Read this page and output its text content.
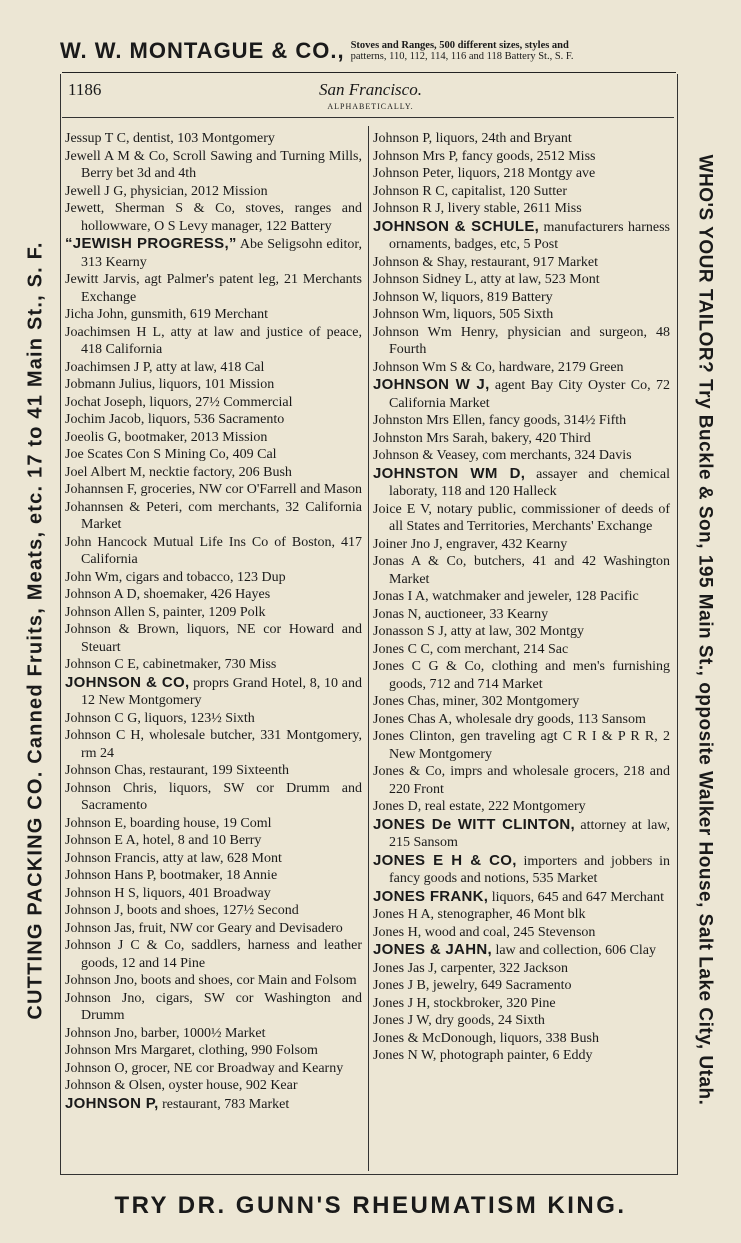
W. W. MONTAGUE & CO., Stoves and Ranges, 500 different sizes, styles and
patterns, 110, 112, 114, 116 and 118 Battery St., S. F.
1186	San Francisco.
ALPHABETICALLY.
CUTTING PACKING CO. Canned Fruits, Meats, etc. 17 to 41 Main St., S. F.	WHO'S YOUR TAILOR? Try Buckle & Son, 195 Main St., opposite Walker House, Salt Lake City, Utah.
Jessup T C, dentist, 103 Montgomery
Jewell A M & Co, Scroll Sawing and Turning Mills, Berry bet 3d and 4th
Jewell J G, physician, 2012 Mission
Jewett, Sherman S & Co, stoves, ranges and hollowware, O S Levy manager, 122 Battery
“JEWISH PROGRESS,” Abe Seligsohn editor, 313 Kearny
Jewitt Jarvis, agt Palmer's patent leg, 21 Merchants Exchange
Jicha John, gunsmith, 619 Merchant
Joachimsen H L, atty at law and justice of peace, 418 California
Joachimsen J P, atty at law, 418 Cal
Jobmann Julius, liquors, 101 Mission
Jochat Joseph, liquors, 27½ Commercial
Jochim Jacob, liquors, 536 Sacramento
Joeolis G, bootmaker, 2013 Mission
Joe Scates Con S Mining Co, 409 Cal
Joel Albert M, necktie factory, 206 Bush
Johannsen F, groceries, NW cor O'Farrell and Mason
Johannsen & Peteri, com merchants, 32 California Market
John Hancock Mutual Life Ins Co of Boston, 417 California
John Wm, cigars and tobacco, 123 Dup
Johnson A D, shoemaker, 426 Hayes
Johnson Allen S, painter, 1209 Polk
Johnson & Brown, liquors, NE cor Howard and Steuart
Johnson C E, cabinetmaker, 730 Miss
JOHNSON & CO, proprs Grand Hotel, 8, 10 and 12 New Montgomery
Johnson C G, liquors, 123½ Sixth
Johnson C H, wholesale butcher, 331 Montgomery, rm 24
Johnson Chas, restaurant, 199 Sixteenth
Johnson Chris, liquors, SW cor Drumm and Sacramento
Johnson E, boarding house, 19 Coml
Johnson E A, hotel, 8 and 10 Berry
Johnson Francis, atty at law, 628 Mont
Johnson Hans P, bootmaker, 18 Annie
Johnson H S, liquors, 401 Broadway
Johnson J, boots and shoes, 127½ Second
Johnson Jas, fruit, NW cor Geary and Devisadero
Johnson J C & Co, saddlers, harness and leather goods, 12 and 14 Pine
Johnson Jno, boots and shoes, cor Main and Folsom
Johnson Jno, cigars, SW cor Washington and Drumm
Johnson Jno, barber, 1000½ Market
Johnson Mrs Margaret, clothing, 990 Folsom
Johnson O, grocer, NE cor Broadway and Kearny
Johnson & Olsen, oyster house, 902 Kear
JOHNSON P, restaurant, 783 Market
Johnson P, liquors, 24th and Bryant
Johnson Mrs P, fancy goods, 2512 Miss
Johnson Peter, liquors, 218 Montgy ave
Johnson R C, capitalist, 120 Sutter
Johnson R J, livery stable, 2611 Miss
JOHNSON & SCHULE, manufacturers harness ornaments, badges, etc, 5 Post
Johnson & Shay, restaurant, 917 Market
Johnson Sidney L, atty at law, 523 Mont
Johnson W, liquors, 819 Battery
Johnson Wm, liquors, 505 Sixth
Johnson Wm Henry, physician and surgeon, 48 Fourth
Johnson Wm S & Co, hardware, 2179 Green
JOHNSON W J, agent Bay City Oyster Co, 72 California Market
Johnston Mrs Ellen, fancy goods, 314½ Fifth
Johnston Mrs Sarah, bakery, 420 Third
Johnson & Veasey, com merchants, 324 Davis
JOHNSTON WM D, assayer and chemical laboraty, 118 and 120 Halleck
Joice E V, notary public, commissioner of deeds of all States and Territories, Merchants' Exchange
Joiner Jno J, engraver, 432 Kearny
Jonas A & Co, butchers, 41 and 42 Washington Market
Jonas I A, watchmaker and jeweler, 128 Pacific
Jonas N, auctioneer, 33 Kearny
Jonasson S J, atty at law, 302 Montgy
Jones C C, com merchant, 214 Sac
Jones C G & Co, clothing and men's furnishing goods, 712 and 714 Market
Jones Chas, miner, 302 Montgomery
Jones Chas A, wholesale dry goods, 113 Sansom
Jones Clinton, gen traveling agt C R I & P R R, 2 New Montgomery
Jones & Co, imprs and wholesale grocers, 218 and 220 Front
Jones D, real estate, 222 Montgomery
JONES De WITT CLINTON, attorney at law, 215 Sansom
JONES E H & CO, importers and jobbers in fancy goods and notions, 535 Market
JONES FRANK, liquors, 645 and 647 Merchant
Jones H A, stenographer, 46 Mont blk
Jones H, wood and coal, 245 Stevenson
JONES & JAHN, law and collection, 606 Clay
Jones Jas J, carpenter, 322 Jackson
Jones J B, jewelry, 649 Sacramento
Jones J H, stockbroker, 320 Pine
Jones J W, dry goods, 24 Sixth
Jones & McDonough, liquors, 338 Bush
Jones N W, photograph painter, 6 Eddy
TRY DR. GUNN'S RHEUMATISM KING.
